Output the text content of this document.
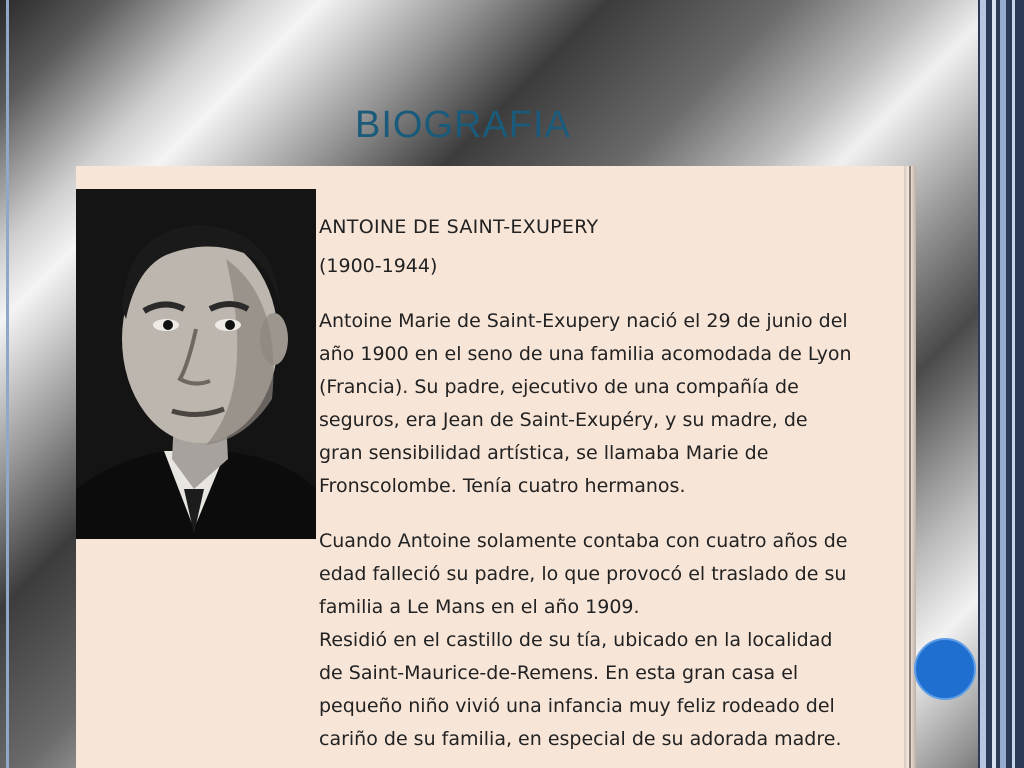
BIOGRAFIA
ANTOINE DE SAINT-EXUPERY
(1900-1944)
Antoine Marie de Saint-Exupery nació el 29 de junio del
año 1900 en el seno de una familia acomodada de Lyon
(Francia). Su padre, ejecutivo de una compañía de
seguros, era Jean de Saint-Exupéry, y su madre, de
gran sensibilidad artística, se llamaba Marie de
Fronscolombe. Tenía cuatro hermanos.
Cuando Antoine solamente contaba con cuatro años de
edad falleció su padre, lo que provocó el traslado de su
familia a Le Mans en el año 1909.
Residió en el castillo de su tía, ubicado en la localidad
de Saint-Maurice-de-Remens. En esta gran casa el
pequeño niño vivió una infancia muy feliz rodeado del
cariño de su familia, en especial de su adorada madre.
